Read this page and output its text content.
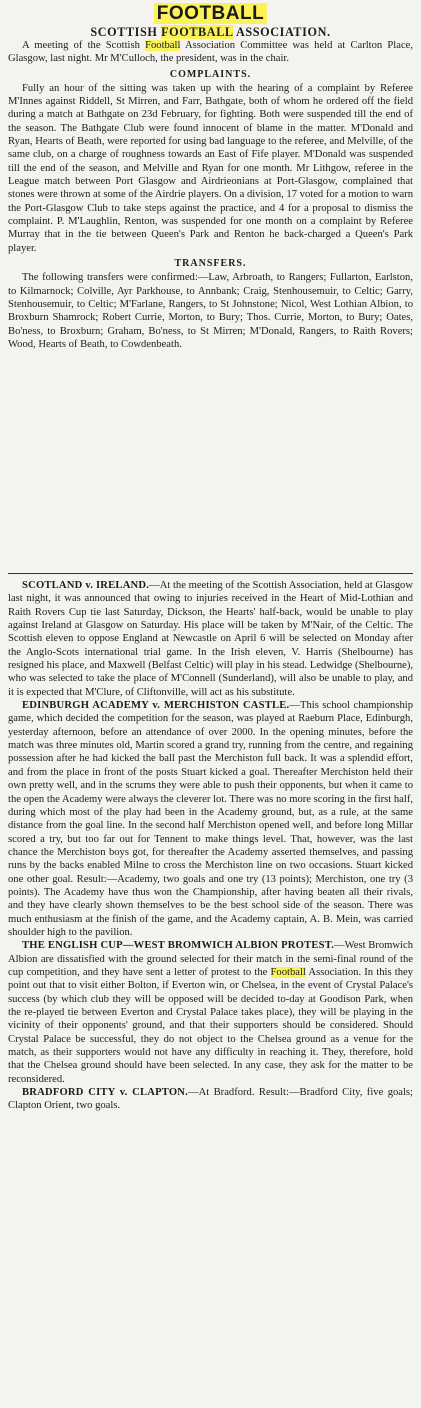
FOOTBALL
SCOTTISH FOOTBALL ASSOCIATION.

A meeting of the Scottish Football Association Committee was held at Carlton Place, Glasgow, last night. Mr M'Culloch, the president, was in the chair.

COMPLAINTS.

Fully an hour of the sitting was taken up with the hearing of a complaint by Referee M'Innes against Riddell, St Mirren, and Farr, Bathgate, both of whom he ordered off the field during a match at Bathgate on 23d February, for fighting. Both were suspended till the end of the season. The Bathgate Club were found innocent of blame in the matter. M'Donald and Ryan, Hearts of Beath, were reported for using bad language to the referee, and Melville, of the same club, on a charge of roughness towards an East of Fife player. M'Donald was suspended till the end of the season, and Melville and Ryan for one month. Mr Lithgow, referee in the League match between Port Glasgow and Airdrieonians at Port-Glasgow, complained that stones were thrown at some of the Airdrie players. On a division, 17 voted for a motion to warn the Port-Glasgow Club to take steps against the practice, and 4 for a proposal to dismiss the complaint. P. M'Laughlin, Renton, was suspended for one month on a complaint by Referee Murray that in the tie between Queen's Park and Renton he back-charged a Queen's Park player.

TRANSFERS.

The following transfers were confirmed:—Law, Arbroath, to Rangers; Fullarton, Earlston, to Kilmarnock; Colville, Ayr Parkhouse, to Annbank; Craig, Stenhousemuir, to Celtic; Garry, Stenhousemuir, to Celtic; M'Farlane, Rangers, to St Johnstone; Nicol, West Lothian Albion, to Broxburn Shamrock; Robert Currie, Morton, to Bury; Thos. Currie, Morton, to Bury; Oates, Bo'ness, to Broxburn; Graham, Bo'ness, to St Mirren; M'Donald, Rangers, to Raith Rovers; Wood, Hearts of Beath, to Cowdenbeath.

SCOTLAND v. IRELAND.—At the meeting of the Scottish Association, held at Glasgow last night, it was announced that owing to injuries received in the Heart of Mid-Lothian and Raith Rovers Cup tie last Saturday, Dickson, the Hearts' half-back, would be unable to play against Ireland at Glasgow on Saturday. His place will be taken by M'Nair, of the Celtic. The Scottish eleven to oppose England at Newcastle on April 6 will be selected on Monday after the Anglo-Scots international trial game. In the Irish eleven, V. Harris (Shelbourne) has resigned his place, and Maxwell (Belfast Celtic) will play in his stead. Ledwidge (Shelbourne), who was selected to take the place of M'Connell (Sunderland), will also be unable to play, and it is expected that M'Clure, of Cliftonville, will act as his substitute.

EDINBURGH ACADEMY v. MERCHISTON CASTLE.—This school championship game, which decided the competition for the season, was played at Raeburn Place, Edinburgh, yesterday afternoon, before an attendance of over 2000. In the opening minutes, before the match was three minutes old, Martin scored a grand try, running from the centre, and regaining possession after he had kicked the ball past the Merchiston full back. It was a splendid effort, and from the place in front of the posts Stuart kicked a goal. Thereafter Merchiston held their own pretty well, and in the scrums they were able to push their opponents, but when it came to the open the Academy were always the cleverer lot. There was no more scoring in the first half, during which most of the play had been in the Academy ground, but, as a rule, at the same distance from the goal line. In the second half Merchiston opened well, and before long Millar scored a try, but too far out for Tennent to make things level. That, however, was the last chance the Merchiston boys got, for thereafter the Academy asserted themselves, and passing runs by the backs enabled Milne to cross the Merchiston line on two occasions. Stuart kicked one other goal. Result:—Academy, two goals and one try (13 points); Merchiston, one try (3 points). The Academy have thus won the Championship, after having beaten all their rivals, and they have clearly shown themselves to be the best school side of the season. There was much enthusiasm at the finish of the game, and the Academy captain, A. B. Mein, was carried shoulder high to the pavilion.

THE ENGLISH CUP—WEST BROMWICH ALBION PROTEST.—West Bromwich Albion are dissatisfied with the ground selected for their match in the semi-final round of the cup competition, and they have sent a letter of protest to the Football Association. In this they point out that to visit either Bolton, if Everton win, or Chelsea, in the event of Crystal Palace's success (by which club they will be opposed will be decided to-day at Goodison Park, when the re-played tie between Everton and Crystal Palace takes place), they will be playing in the vicinity of their opponents' ground, and that their supporters should be considered. Should Crystal Palace be successful, they do not object to the Chelsea ground as a venue for the match, as their supporters would not have any difficulty in reaching it. They, therefore, hold that the Chelsea ground should have been selected. In any case, they ask for the matter to be reconsidered.

BRADFORD CITY v. CLAPTON.—At Bradford. Result:—Bradford City, five goals; Clapton Orient, two goals.
